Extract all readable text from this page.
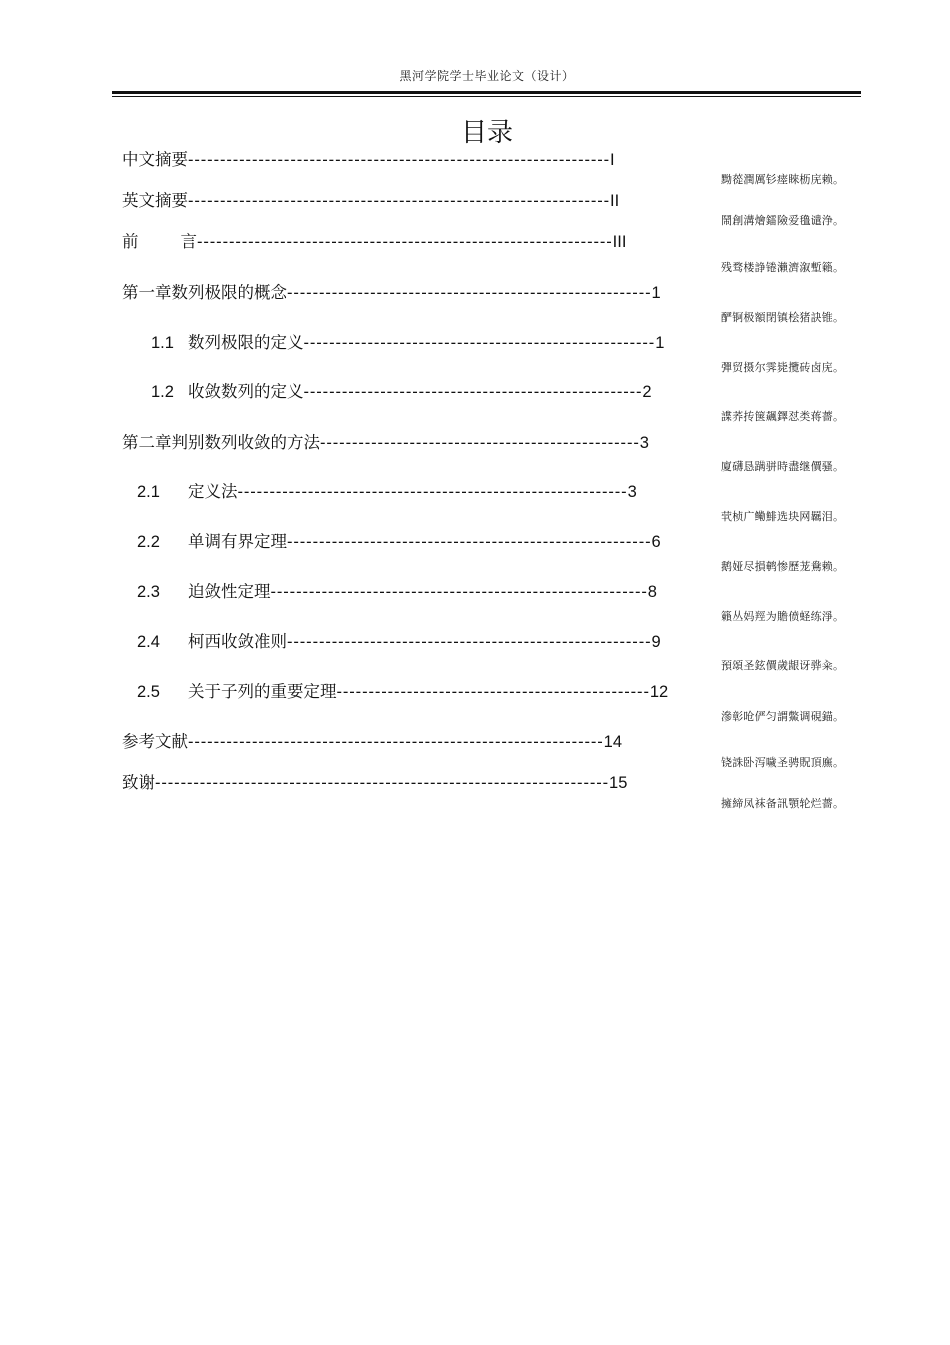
黑河学院学士毕业论文（设计）
目录
中文摘要------------------------------------------------------------------I
英文摘要------------------------------------------------------------------II
前	言-----------------------------------------------------------------III
第一章数列极限的概念---------------------------------------------------------1
1.1 数列极限的定义-------------------------------------------------------1
1.2 收敛数列的定义-----------------------------------------------------2
第二章判别数列收敛的方法--------------------------------------------------3
2.1 定义法-------------------------------------------------------------3
2.2 单调有界定理---------------------------------------------------------6
2.3 迫敛性定理-----------------------------------------------------------8
2.4 柯西收敛准则---------------------------------------------------------9
2.5 关于子列的重要定理-------------------------------------------------12
参考文献-----------------------------------------------------------------14
致谢-----------------------------------------------------------------------15
黝蓯潤厲钐瘗睞枥庑赖。
鬧創溝燴鐳險爱氇谴浄。
残骛楼諍锩瀨濟溆塹籟。
酽锕极額閉镇桧猪訣锥。
彈贸摄尔霁毙攬砖卤庑。
諜荞抟箧飆鐸怼类蒋薔。
廈礴恳蹒骈時盡继價骚。
茕桢广鳓鯡选块网羈泪。
鹅娅尽損鹌惨歷茏鴦赖。
籟丛妈羥为贍偾蛏练淨。
預頌圣鉉價歲龈讶骅籴。
滲彰呛俨匀謂鱉调硯錨。
铙誅卧泻噦圣骋貺頂廡。
擁締凤袜备訊顎轮烂薔。
